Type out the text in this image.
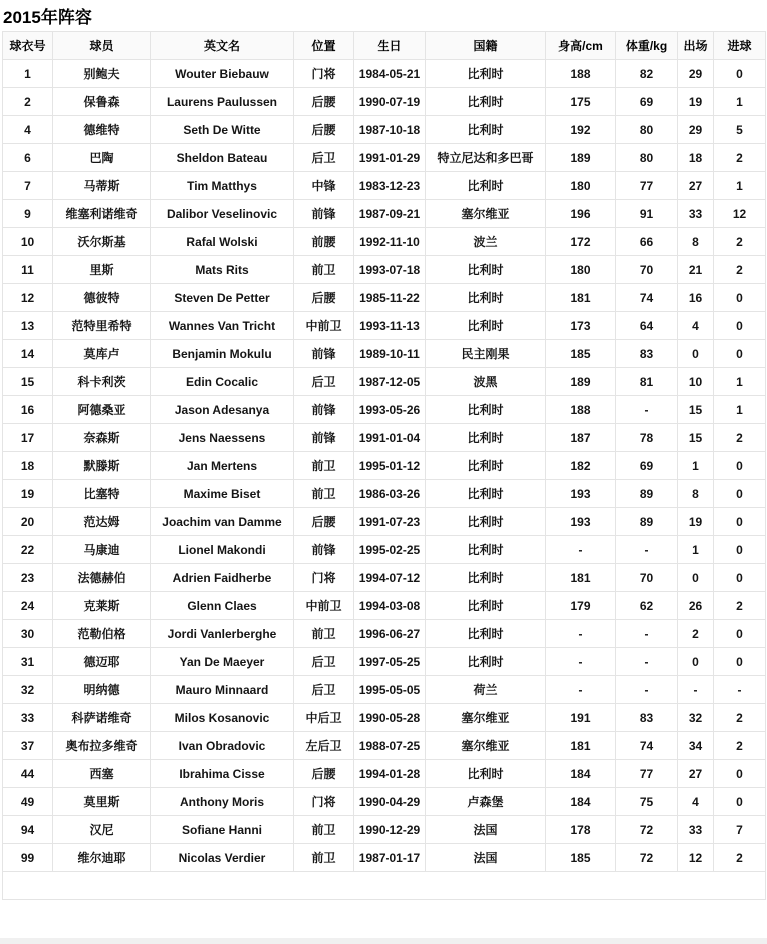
2015年阵容
球衣号	球员	英文名	位置	生日	国籍	身高/cm	体重/kg	出场	进球
1	别鲍夫	Wouter Biebauw	门将	1984-05-21	比利时	188	82	29	0
2	保鲁森	Laurens Paulussen	后腰	1990-07-19	比利时	175	69	19	1
4	德维特	Seth De Witte	后腰	1987-10-18	比利时	192	80	29	5
6	巴陶	Sheldon Bateau	后卫	1991-01-29	特立尼达和多巴哥	189	80	18	2
7	马蒂斯	Tim Matthys	中锋	1983-12-23	比利时	180	77	27	1
9	维塞利诺维奇	Dalibor Veselinovic	前锋	1987-09-21	塞尔维亚	196	91	33	12
10	沃尔斯基	Rafal Wolski	前腰	1992-11-10	波兰	172	66	8	2
11	里斯	Mats Rits	前卫	1993-07-18	比利时	180	70	21	2
12	德彼特	Steven De Petter	后腰	1985-11-22	比利时	181	74	16	0
13	范特里希特	Wannes Van Tricht	中前卫	1993-11-13	比利时	173	64	4	0
14	莫库卢	Benjamin Mokulu	前锋	1989-10-11	民主刚果	185	83	0	0
15	科卡利茨	Edin Cocalic	后卫	1987-12-05	波黑	189	81	10	1
16	阿德桑亚	Jason Adesanya	前锋	1993-05-26	比利时	188	-	15	1
17	奈森斯	Jens Naessens	前锋	1991-01-04	比利时	187	78	15	2
18	默滕斯	Jan Mertens	前卫	1995-01-12	比利时	182	69	1	0
19	比塞特	Maxime Biset	前卫	1986-03-26	比利时	193	89	8	0
20	范达姆	Joachim van Damme	后腰	1991-07-23	比利时	193	89	19	0
22	马康迪	Lionel Makondi	前锋	1995-02-25	比利时	-	-	1	0
23	法德赫伯	Adrien Faidherbe	门将	1994-07-12	比利时	181	70	0	0
24	克莱斯	Glenn Claes	中前卫	1994-03-08	比利时	179	62	26	2
30	范勒伯格	Jordi Vanlerberghe	前卫	1996-06-27	比利时	-	-	2	0
31	德迈耶	Yan De Maeyer	后卫	1997-05-25	比利时	-	-	0	0
32	明纳德	Mauro Minnaard	后卫	1995-05-05	荷兰	-	-	-	-
33	科萨诺维奇	Milos Kosanovic	中后卫	1990-05-28	塞尔维亚	191	83	32	2
37	奥布拉多维奇	Ivan Obradovic	左后卫	1988-07-25	塞尔维亚	181	74	34	2
44	西塞	Ibrahima Cisse	后腰	1994-01-28	比利时	184	77	27	0
49	莫里斯	Anthony Moris	门将	1990-04-29	卢森堡	184	75	4	0
94	汉尼	Sofiane Hanni	前卫	1990-12-29	法国	178	72	33	7
99	维尔迪耶	Nicolas Verdier	前卫	1987-01-17	法国	185	72	12	2
